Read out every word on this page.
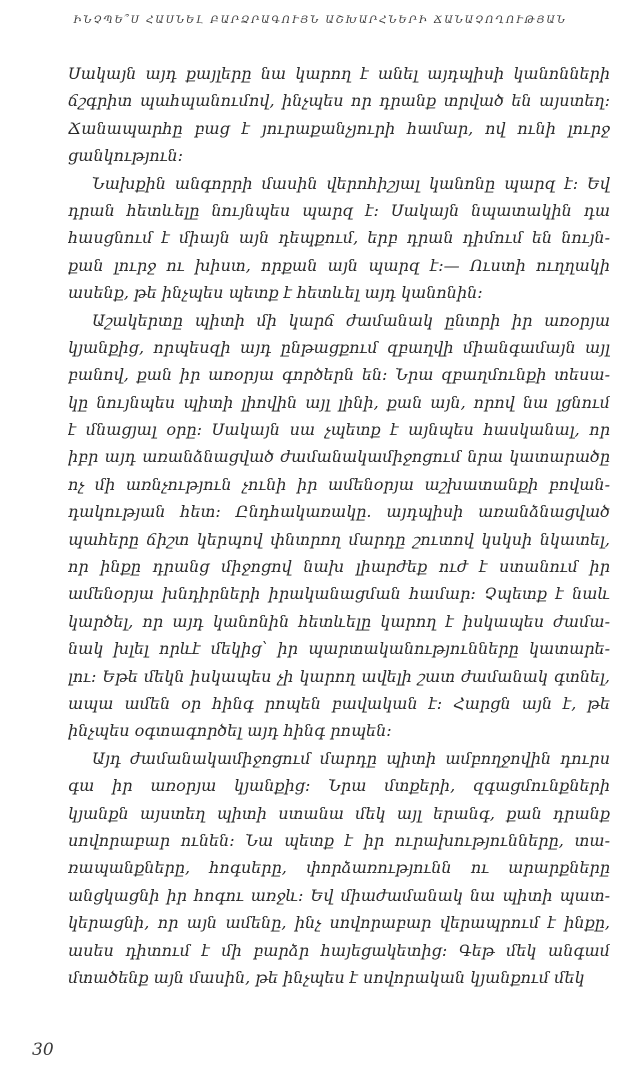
ԻՆՉՊԵ՞Ս ՀԱՍՆԵԼ ԲԱՐՁՐԱԳՈՒՅՆ ԱՇԽԱՐՀՆԵՐԻ ՃԱՆԱՉՈՂՈՒԹՅԱՆ
Սակայն այդ քայլերը նա կարող է անել այդպիսի կանոնների
ճշգրիտ պահպանումով, ինչպես որ դրանք տրված են այստեղ:
Ճանապարհը բաց է յուրաքանչյուրի համար, ով ունի լուրջ
ցանկություն:
Նախքին անգորրի մասին վերոհիշյալ կանոնը պարզ է: Եվ
դրան հետևելը նույնպես պարզ է: Սակայն նպատակին դա
հասցնում է միայն այն դեպքում, երբ դրան դիմում են նույն-
քան լուրջ ու խիստ, որքան այն պարզ է:— Ուստի ուղղակի
ասենք, թե ինչպես պետք է հետևել այդ կանոնին:
Աշակերտը պիտի մի կարճ ժամանակ ընտրի իր առօրյա
կյանքից, որպեսզի այդ ընթացքում զբաղվի միանգամայն այլ
բանով, քան իր առօրյա գործերն են: Նրա զբաղմունքի տեսա-
կը նույնպես պիտի լիովին այլ լինի, քան այն, որով նա լցնում
է մնացյալ օրը: Սակայն սա չպետք է այնպես հասկանալ, որ
իբր այդ առանձնացված ժամանակամիջոցում նրա կատարածը
ոչ մի առնչություն չունի իր ամենօրյա աշխատանքի բովան-
դակության հետ: Ընդհակառակը. այդպիսի առանձնացված
պահերը ճիշտ կերպով փնտրող մարդը շուտով կսկսի նկատել,
որ ինքը դրանց միջոցով նախ լիարժեք ուժ է ստանում իր
ամենօրյա խնդիրների իրականացման համար: Չպետք է նաև
կարծել, որ այդ կանոնին հետևելը կարող է իսկապես ժամա-
նակ խլել որևէ մեկից՝ իր պարտականությունները կատարե-
լու: Եթե մեկն իսկապես չի կարող ավելի շատ ժամանակ գտնել,
ապա ամեն օր հինգ րոպեն բավական է: Հարցն այն է, թե
ինչպես օգտագործել այդ հինգ րոպեն:
Այդ ժամանակամիջոցում մարդը պիտի ամբողջովին դուրս
գա իր առօրյա կյանքից: Նրա մտքերի, զգացմունքների
կյանքն այստեղ պիտի ստանա մեկ այլ երանգ, քան դրանք
սովորաբար ունեն: Նա պետք է իր ուրախությունները, տա-
ռապանքները, հոգսերը, փորձառությունն ու արարքները
անցկացնի իր հոգու առջև: Եվ միաժամանակ նա պիտի պատ-
կերացնի, որ այն ամենը, ինչ սովորաբար վերապրում է ինքը,
ասես դիտում է մի բարձր հայեցակետից: Գեթ մեկ անգամ
մտածենք այն մասին, թե ինչպես է սովորական կյանքում մեկ
30
